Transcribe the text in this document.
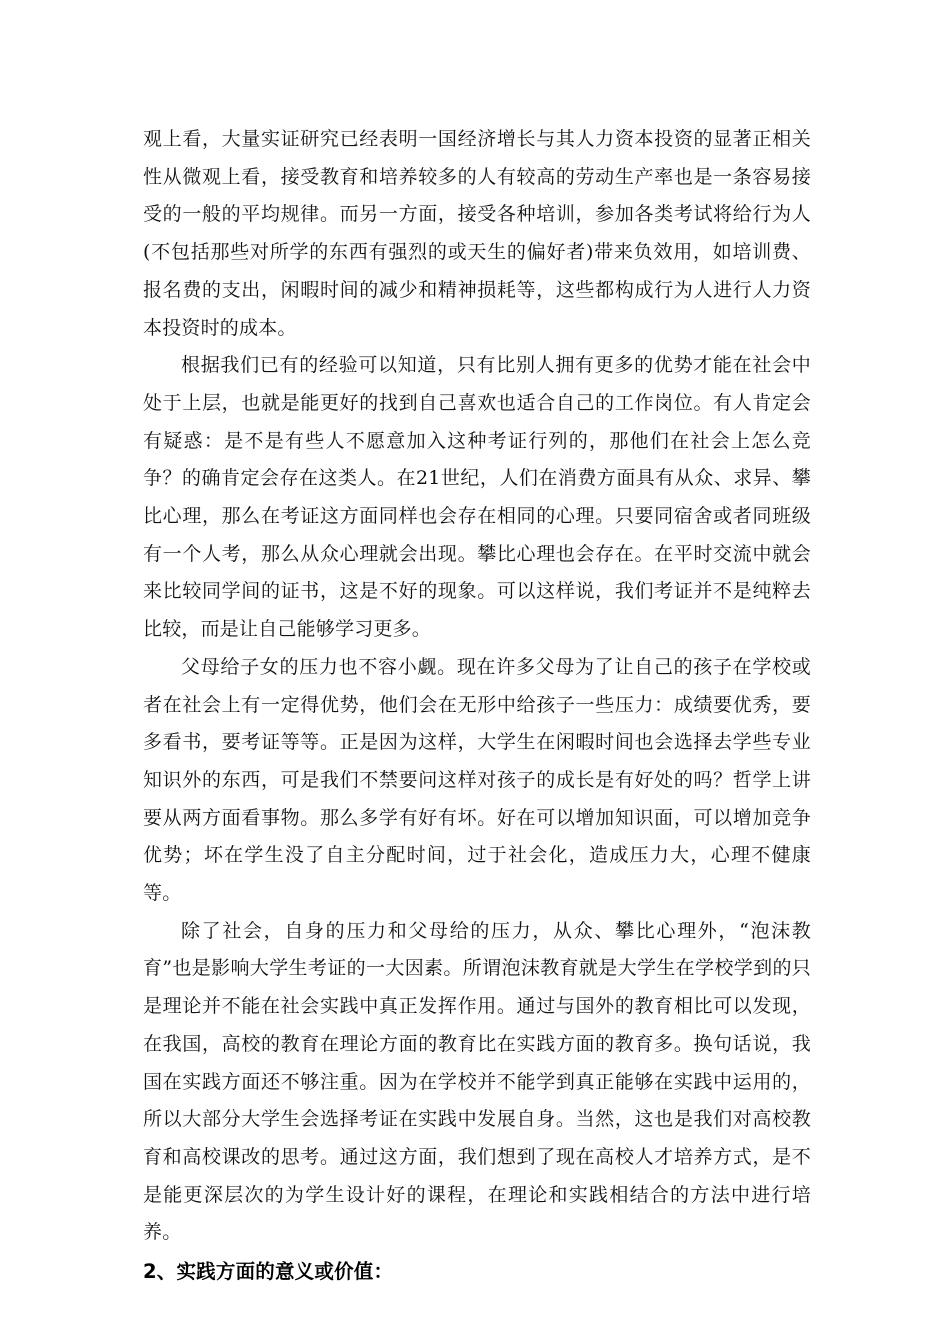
观上看，大量实证研究已经表明一国经济增长与其人力资本投资的显著正相关性从微观上看，接受教育和培养较多的人有较高的劳动生产率也是一条容易接受的一般的平均规律。而另一方面，接受各种培训，参加各类考试将给行为人(不包括那些对所学的东西有强烈的或天生的偏好者)带来负效用，如培训费、报名费的支出，闲暇时间的减少和精神损耗等，这些都构成行为人进行人力资本投资时的成本。

根据我们已有的经验可以知道，只有比别人拥有更多的优势才能在社会中处于上层，也就是能更好的找到自己喜欢也适合自己的工作岗位。有人肯定会有疑惑：是不是有些人不愿意加入这种考证行列的，那他们在社会上怎么竞争？的确肯定会存在这类人。在21世纪，人们在消费方面具有从众、求异、攀比心理，那么在考证这方面同样也会存在相同的心理。只要同宿舍或者同班级有一个人考，那么从众心理就会出现。攀比心理也会存在。在平时交流中就会来比较同学间的证书，这是不好的现象。可以这样说，我们考证并不是纯粹去比较，而是让自己能够学习更多。

父母给子女的压力也不容小觑。现在许多父母为了让自己的孩子在学校或者在社会上有一定得优势，他们会在无形中给孩子一些压力：成绩要优秀，要多看书，要考证等等。正是因为这样，大学生在闲暇时间也会选择去学些专业知识外的东西，可是我们不禁要问这样对孩子的成长是有好处的吗？哲学上讲要从两方面看事物。那么多学有好有坏。好在可以增加知识面，可以增加竞争优势；坏在学生没了自主分配时间，过于社会化，造成压力大，心理不健康等。

除了社会，自身的压力和父母给的压力，从众、攀比心理外，“泡沫教育”也是影响大学生考证的一大因素。所谓泡沫教育就是大学生在学校学到的只是理论并不能在社会实践中真正发挥作用。通过与国外的教育相比可以发现，在我国，高校的教育在理论方面的教育比在实践方面的教育多。换句话说，我国在实践方面还不够注重。因为在学校并不能学到真正能够在实践中运用的，所以大部分大学生会选择考证在实践中发展自身。当然，这也是我们对高校教育和高校课改的思考。通过这方面，我们想到了现在高校人才培养方式，是不是能更深层次的为学生设计好的课程，在理论和实践相结合的方法中进行培养。

2、实践方面的意义或价值：
